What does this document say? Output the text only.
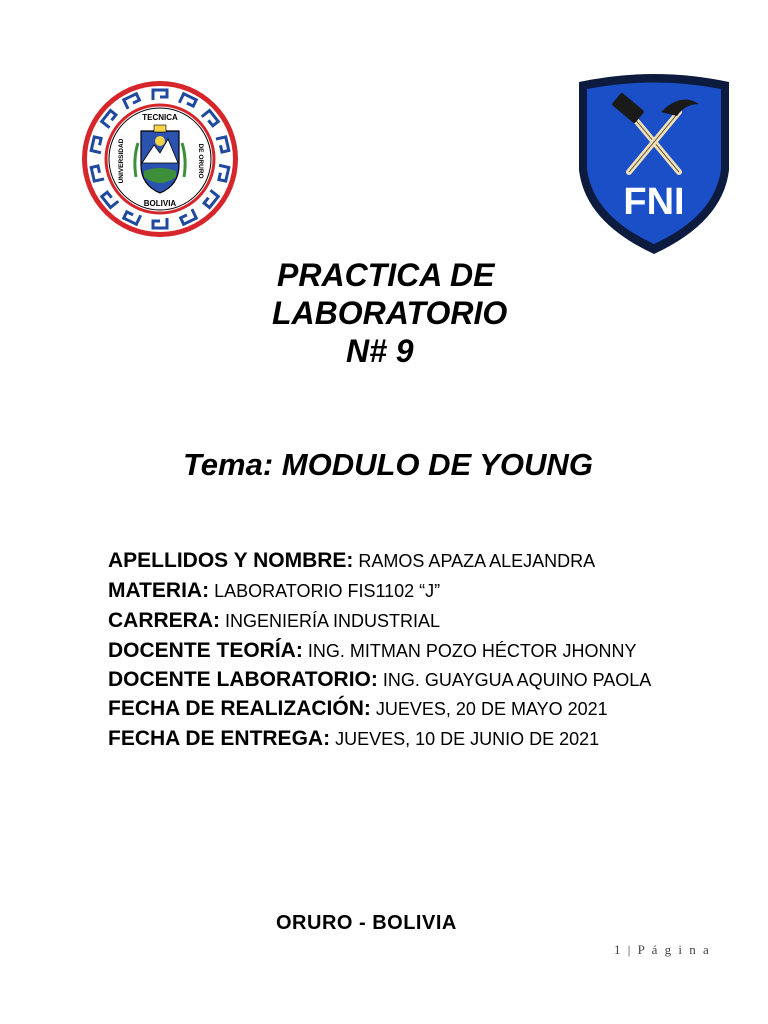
TECNICA
BOLIVIA
UNIVERSIDAD	DE ORURO
FNI
PRACTICA DE
LABORATORIO
N# 9
Tema: MODULO DE YOUNG
APELLIDOS Y NOMBRE: RAMOS APAZA ALEJANDRA
MATERIA: LABORATORIO FIS1102 “J”
CARRERA: INGENIERÍA INDUSTRIAL
DOCENTE TEORÍA: ING. MITMAN POZO HÉCTOR JHONNY
DOCENTE LABORATORIO: ING. GUAYGUA AQUINO PAOLA
FECHA DE REALIZACIÓN: JUEVES, 20 DE MAYO 2021
FECHA DE ENTREGA: JUEVES, 10 DE JUNIO DE 2021
ORURO - BOLIVIA
1 | P á g i n a
